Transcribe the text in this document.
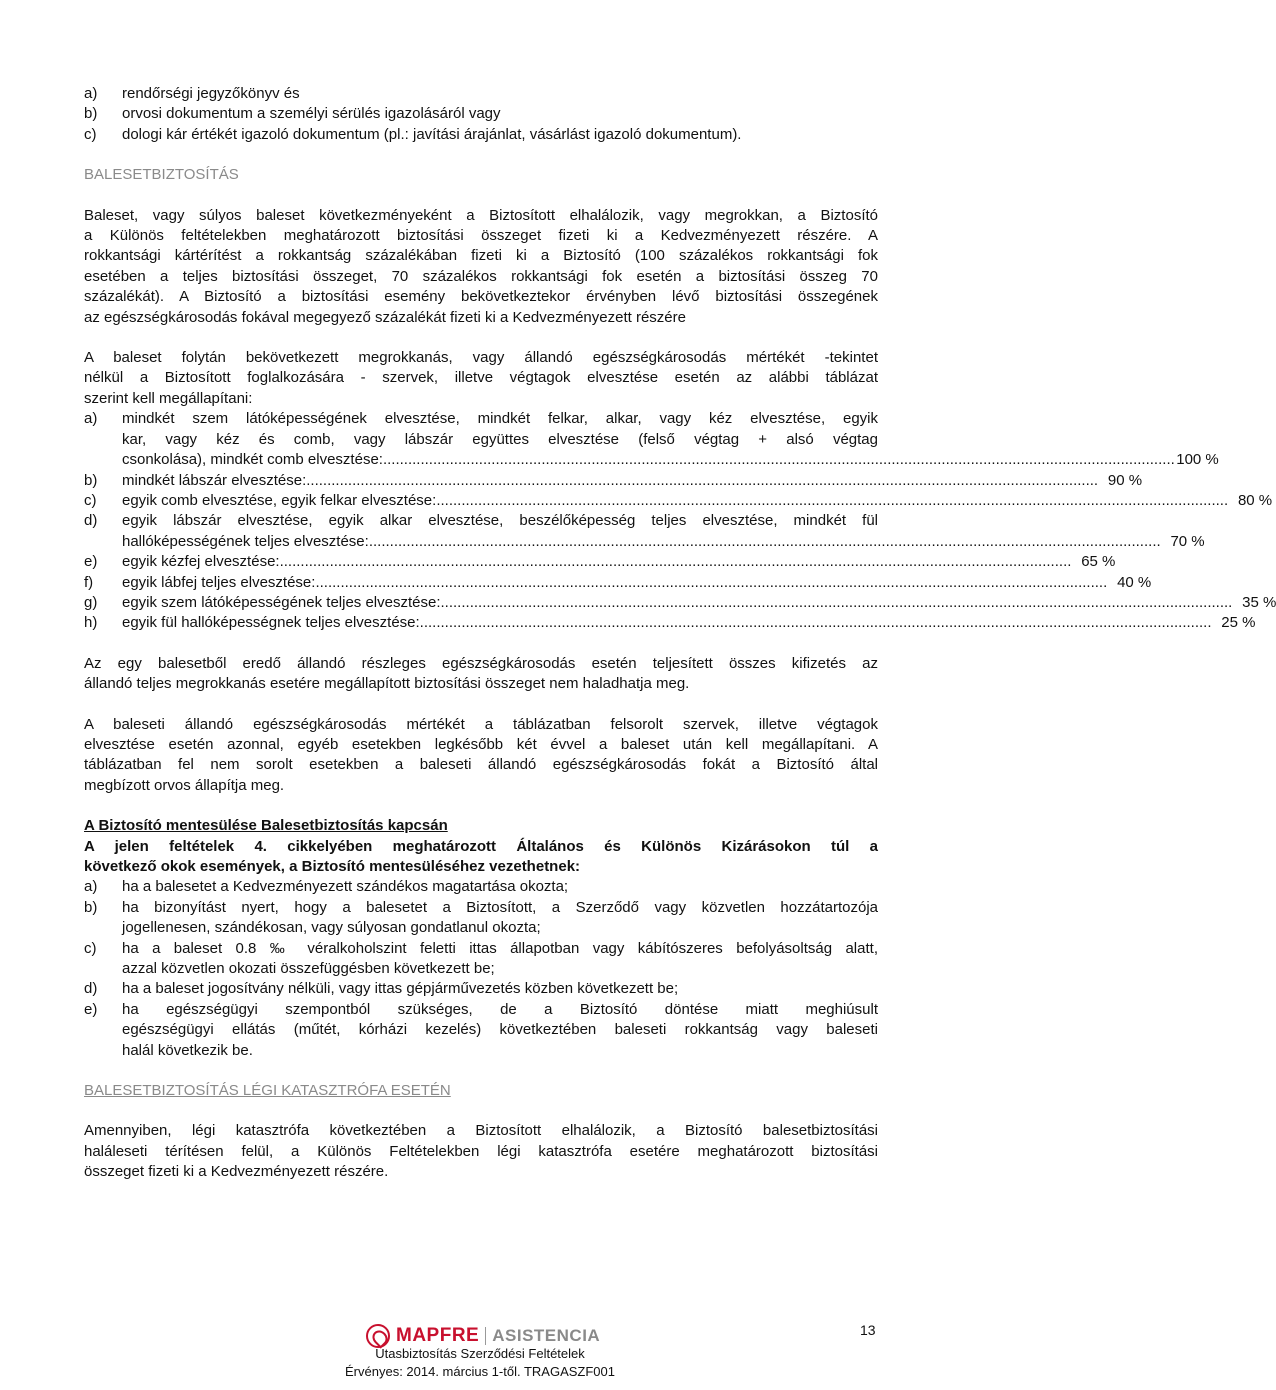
a)	rendőrségi jegyzőkönyv és
b)	orvosi dokumentum a személyi sérülés igazolásáról vagy
c)	dologi kár értékét igazoló dokumentum (pl.: javítási árajánlat, vásárlást igazoló dokumentum).
BALESETBIZTOSÍTÁS
Baleset, vagy súlyos baleset következményeként a Biztosított elhalálozik, vagy megrokkan, a Biztosító
a Különös feltételekben meghatározott biztosítási összeget fizeti ki a Kedvezményezett részére. A
rokkantsági kártérítést a rokkantság százalékában fizeti ki a Biztosító (100 százalékos rokkantsági fok
esetében a teljes biztosítási összeget, 70 százalékos rokkantsági fok esetén a biztosítási összeg 70
százalékát). A Biztosító a biztosítási esemény bekövetkeztekor érvényben lévő biztosítási összegének
az egészségkárosodás fokával megegyező százalékát fizeti ki a Kedvezményezett részére
A baleset folytán bekövetkezett megrokkanás, vagy állandó egészségkárosodás mértékét -tekintet
nélkül a Biztosított foglalkozására - szervek, illetve végtagok elvesztése esetén az alábbi táblázat
szerint kell megállapítani:
a)	mindkét szem látóképességének elvesztése, mindkét felkar, alkar, vagy kéz elvesztése, egyik
kar, vagy kéz és comb, vagy lábszár együttes elvesztése (felső végtag + alsó végtag
csonkolása), mindkét comb elvesztése: .....	100 %
b)	mindkét lábszár elvesztése: .....	90 %
c)	egyik comb elvesztése, egyik felkar elvesztése: .....	80 %
d)	egyik lábszár elvesztése, egyik alkar elvesztése, beszélőképesség teljes elvesztése, mindkét fül
hallóképességének teljes elvesztése: .....	70 %
e)	egyik kézfej elvesztése: .....	65 %
f)	egyik lábfej teljes elvesztése: .....	40 %
g)	egyik szem látóképességének teljes elvesztése: .....	35 %
h)	egyik fül hallóképességnek teljes elvesztése: .....	25 %
Az egy balesetből eredő állandó részleges egészségkárosodás esetén teljesített összes kifizetés az
állandó teljes megrokkanás esetére megállapított biztosítási összeget nem haladhatja meg.
A baleseti állandó egészségkárosodás mértékét a táblázatban felsorolt szervek, illetve végtagok
elvesztése esetén azonnal, egyéb esetekben legkésőbb két évvel a baleset után kell megállapítani. A
táblázatban fel nem sorolt esetekben a baleseti állandó egészségkárosodás fokát a Biztosító által
megbízott orvos állapítja meg.
A Biztosító mentesülése Balesetbiztosítás kapcsán
A jelen feltételek 4. cikkelyében meghatározott Általános és Különös Kizárásokon túl a
következő okok események, a Biztosító mentesüléséhez vezethetnek:
a)	ha a balesetet a Kedvezményezett szándékos magatartása okozta;
b)	ha bizonyítást nyert, hogy a balesetet a Biztosított, a Szerződő vagy közvetlen hozzátartozója
jogellenesen, szándékosan, vagy súlyosan gondatlanul okozta;
c)	ha a baleset 0.8 ‰ véralkoholszint feletti ittas állapotban vagy kábítószeres befolyásoltság alatt,
azzal közvetlen okozati összefüggésben következett be;
d)	ha a baleset jogosítvány nélküli, vagy ittas gépjárművezetés közben következett be;
e)	ha egészségügyi szempontból szükséges, de a Biztosító döntése miatt meghiúsult
egészségügyi ellátás (műtét, kórházi kezelés) következtében baleseti rokkantság vagy baleseti
halál következik be.
BALESETBIZTOSÍTÁS LÉGI KATASZTRÓFA ESETÉN
Amennyiben, légi katasztrófa következtében a Biztosított elhalálozik, a Biztosító balesetbiztosítási
haláleseti térítésen felül, a Különös Feltételekben légi katasztrófa esetére meghatározott biztosítási
összeget fizeti ki a Kedvezményezett részére.
MAPFRE ASISTENCIA	13
Utasbiztosítás Szerződési Feltételek
Érvényes: 2014. március 1-től. TRAGASZF001
